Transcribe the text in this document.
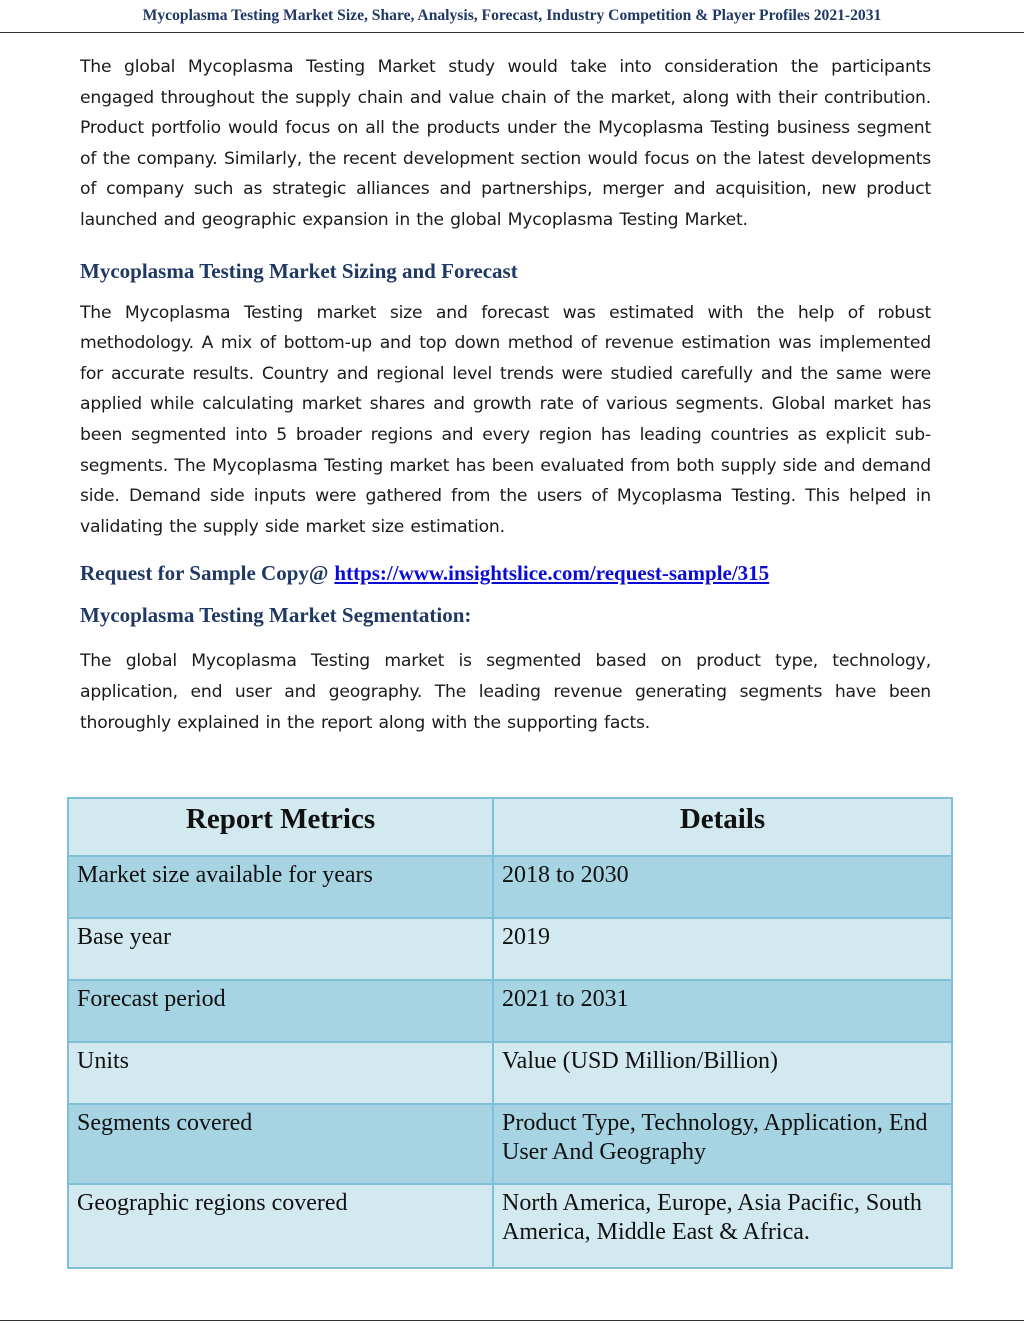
Mycoplasma Testing Market Size, Share, Analysis, Forecast, Industry Competition & Player Profiles 2021-2031

The global Mycoplasma Testing Market study would take into consideration the participants engaged throughout the supply chain and value chain of the market, along with their contribution. Product portfolio would focus on all the products under the Mycoplasma Testing business segment of the company. Similarly, the recent development section would focus on the latest developments of company such as strategic alliances and partnerships, merger and acquisition, new product launched and geographic expansion in the global Mycoplasma Testing Market.

Mycoplasma Testing Market Sizing and Forecast

The Mycoplasma Testing market size and forecast was estimated with the help of robust methodology. A mix of bottom-up and top down method of revenue estimation was implemented for accurate results. Country and regional level trends were studied carefully and the same were applied while calculating market shares and growth rate of various segments. Global market has been segmented into 5 broader regions and every region has leading countries as explicit sub-segments. The Mycoplasma Testing market has been evaluated from both supply side and demand side. Demand side inputs were gathered from the users of Mycoplasma Testing. This helped in validating the supply side market size estimation.

Request for Sample Copy@ https://www.insightslice.com/request-sample/315
Mycoplasma Testing Market Segmentation:

The global Mycoplasma Testing market is segmented based on product type, technology, application, end user and geography. The leading revenue generating segments have been thoroughly explained in the report along with the supporting facts.

Report Metrics	Details
Market size available for years	2018 to 2030
Base year	2019
Forecast period	2021 to 2031
Units	Value (USD Million/Billion)
Segments covered	Product Type, Technology, Application, End User And Geography
Geographic regions covered	North America, Europe, Asia Pacific, South America, Middle East & Africa.
